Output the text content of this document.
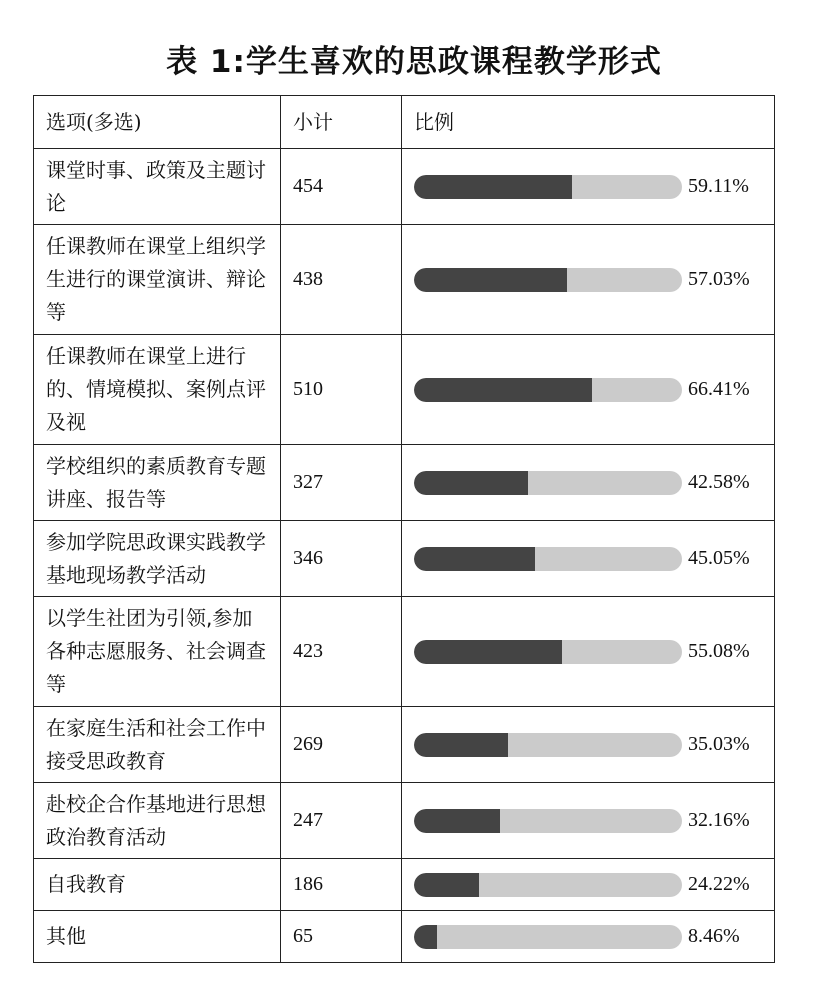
表 1:学生喜欢的思政课程教学形式
选项(多选)	小计	比例
课堂时事、政策及主题讨论	454	59.11%

任课教师在课堂上组织学生进行的课堂演讲、辩论等	438	57.03%

任课教师在课堂上进行的、情境模拟、案例点评及视	510	66.41%

学校组织的素质教育专题讲座、报告等	327	42.58%

参加学院思政课实践教学基地现场教学活动	346	45.05%

以学生社团为引领,参加各种志愿服务、社会调查等	423	55.08%

在家庭生活和社会工作中接受思政教育	269	35.03%

赴校企合作基地进行思想政治教育活动	247	32.16%

自我教育	186	24.22%

其他	65	8.46%
